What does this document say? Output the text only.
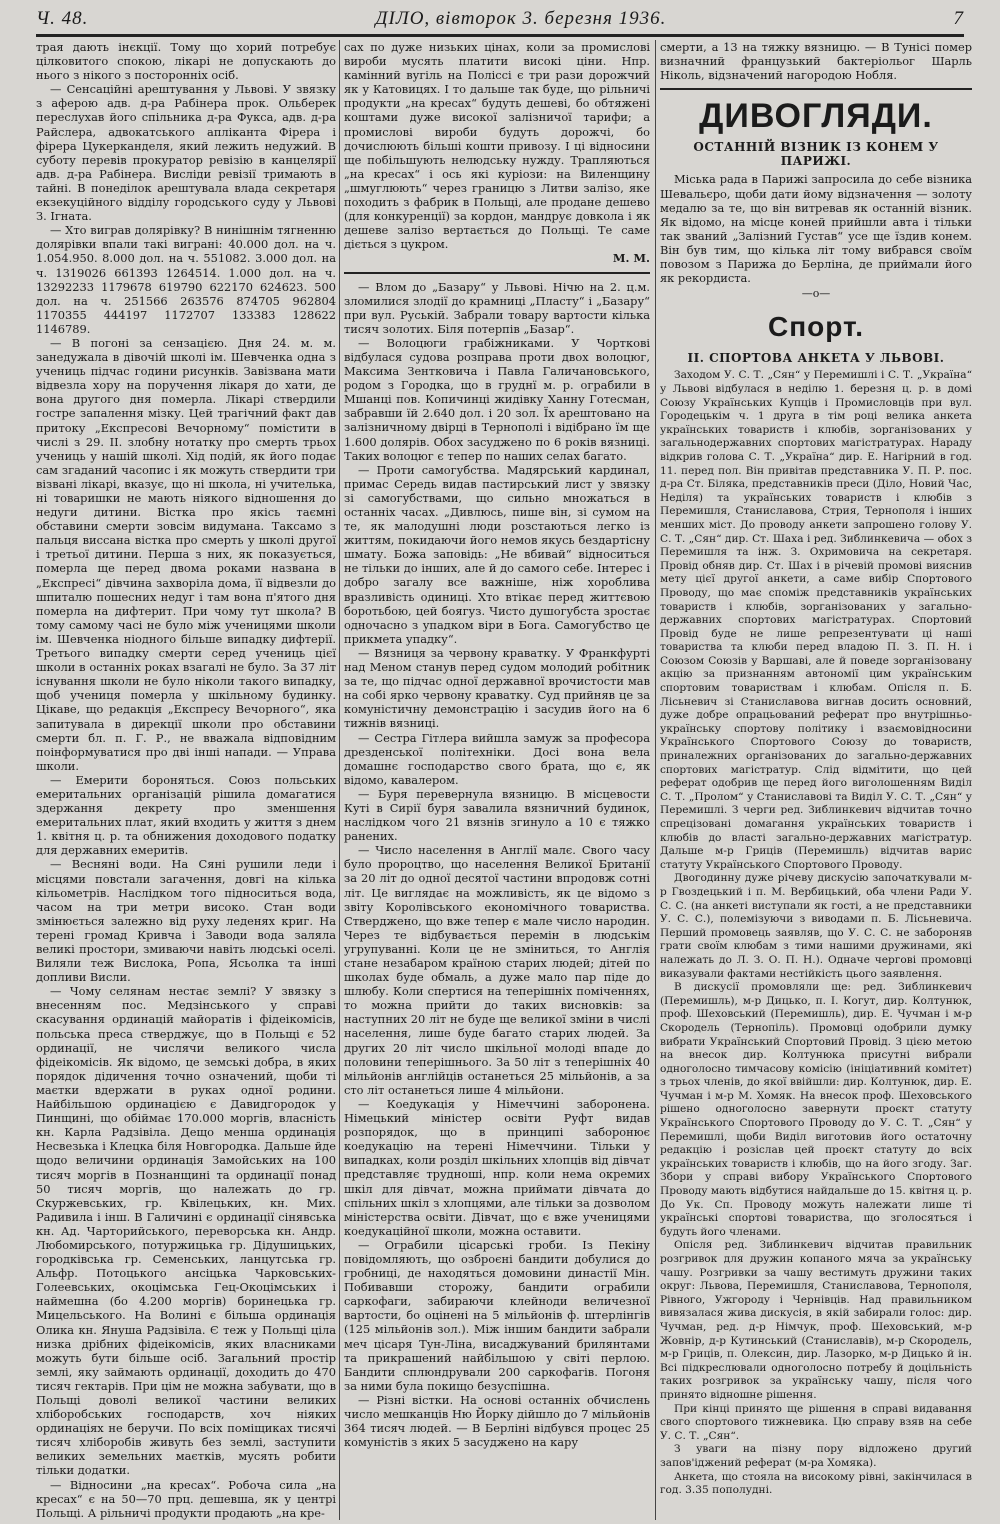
Ч. 48.	ДІЛО, вівторок 3. березня 1936.	7

трая дають інєкції. Тому що хорий потребує цілковитого спокою, лікарі не допускають до нього з нікого з посторонніх осіб.

— Сенсаційні арештування у Львові. У звязку з аферою адв. д-ра Рабінера прок. Ольберек переслухав його спільника д-ра Фукса, адв. д-ра Райслера, адвокатського апліканта Фірера і фірера Цукерканделя, який лежить недужий. В суботу перевів прокуратор ревізію в канцелярії адв. д-ра Рабінера. Висліди ревізії тримають в тайні. В понеділок арештувала влада секретаря екзекуційного відділу городського суду у Львові З. Ігната.

— Хто виграв долярівку? В нинішнім тягненню долярівки впали такі виграні: 40.000 дол. на ч. 1.054.950. 8.000 дол. на ч. 551082. 3.000 дол. на ч. 1319026 661393 1264514. 1.000 дол. на ч. 13292233 1179678 619790 622170 624623. 500 дол. на ч. 251566 263576 874705 962804 1170355 444197 1172707 133383 128622 1146789.

— В погоні за сензацією. Дня 24. м. м. занедужала в дівочій школі ім. Шевченка одна з учениць підчас години рисунків. Завізвана мати відвезла хору на поручення лікаря до хати, де вона другого дня померла. Лікарі ствердили гостре запалення мізку. Цей трагічний факт дав притоку „Експресові Вечорному“ помістити в числі з 29. ІІ. злобну нотатку про смерть трьох учениць у нашій школі. Хід подій, як його подає сам згаданий часопис і як можуть ствердити три візвані лікарі, вказує, що ні школа, ні учителька, ні товаришки не мають ніякого відношення до недуги дитини. Вістка про якісь таємні обставини смерти зовсім видумана. Таксамо з пальця виссана вістка про смерть у школі другої і третьої дитини. Перша з них, як показується, померла ще перед двома роками названа в „Експресі“ дівчина захворіла дома, її відвезли до шпиталю пошесних недуг і там вона п'ятого дня померла на дифтерит. При чому тут школа? В тому самому часі не було між ученицями школи ім. Шевченка ніодного більше випадку дифтерії. Третього випадку смерти серед учениць цієї школи в останніх роках взагалі не було. За 37 літ існування школи не було ніколи такого випадку, щоб учениця померла у шкільному будинку. Цікаве, що редакція „Експресу Вечорного“, яка запитувала в дирекції школи про обставини смерти бл. п. Г. Р., не вважала відповідним поінформуватися про дві інші напади. — Управа школи.

— Емерити бороняться. Союз польських емеритальних організацій рішила домагатися здержання декрету про зменшення емеритальних плат, який входить у життя з днем 1. квітня ц. р. та обнижения доходового податку для державних емеритів.

— Весняні води. На Сяні рушили леди і місцями повстали загачення, довгі на кілька кільометрів. Наслідком того підноситься вода, часом на три метри високо. Стан води змінюється залежно від руху леденях криг. На терені громад Кривча і Заводи вода заляла великі простори, змиваючи навіть людські оселі. Виляли теж Вислока, Ропа, Ясьолка та інші допливи Висли.

— Чому селянам нестає землі? У звязку з внесенням пос. Медзінського у справі скасування ординацій майоратів і фідеікомісів, польська преса стверджує, що в Польщі є 52 ординації, не числячи великого числа фідеікомісів. Як відомо, це земські добра, в яких порядок дідичення точно означений, щоби ті маєтки вдержати в руках одної родини. Найбільшою ординацією є Давидгородок у Пинщині, що обіймає 170.000 моргів, власність кн. Карла Радзівіла. Дещо менша ординація Несвезька і Клецка біля Новгородка. Дальше йде щодо величини ординація Замойських на 100 тисяч моргів в Познанщині та ординації понад 50 тисяч моргів, що належать до гр. Скуржевських, гр. Квілецьких, кн. Мих. Радивила і інш. В Галичині є ординації сінявська кн. Ад. Чарторийського, переворська кн. Андр. Любомирського, потуржицька гр. Дідушицьких, городківська гр. Семенських, ланцутська гр. Альфр. Потоцького ансіцька Чарковських-Голеевських, окоцімська Гец-Окоцімських і наймешна (бо 4.200 моргів) боринецька гр. Мицельського. На Волині є більша ординація Олика кн. Януша Радзівіла. Є теж у Польщі ціла низка дрібних фідеікомісів, яких власниками можуть бути більше осіб. Загальний простір землі, яку займають ординації, доходить до 470 тисяч гектарів. При цім не можна забувати, що в Польщі доволі великої частини великих хліборобських господарств, хоч ніяких ординаціях не беручи. По всіх поміщиках тисячі тисяч хліборобів живуть без землі, заступити великих земельних маєтків, мусять робити тільки додатки.

— Відносини „на кресах“. Робоча сила „на кресах“ є на 50—70 прц. дешевша, як у центрі Польщі. А рільничі продукти продають „на кре-

сах по дуже низьких цінах, коли за промислові вироби мусять платити високі ціни. Нпр. камінний вугіль на Поліссі є три рази дорожчий як у Катовицях. І то дальше так буде, що рільничі продукти „на кресах“ будуть дешеві, бо обтяжені коштами дуже високої залізничої тарифи; а промислові вироби будуть дорожчі, бо дочислюють більші кошти привозу. І ці відносини ще побільшують нелюдську нужду. Трапляються „на кресах“ і ось які куріози: на Виленщину „шмуглюють“ через границю з Литви залізо, яке походить з фабрик в Польщі, але продане дешево (для конкуренції) за кордон, мандрує довкола і як дешеве залізо вертається до Польщі. Те саме діється з цукром.

М. М.

— Влом до „Базару“ у Львові. Нічю на 2. ц.м. зломилися злодії до крамниці „Пласту“ і „Базару“ при вул. Руській. Забрали товару вартости кілька тисяч золотих. Біля потерпів „Базар“.

— Волоцюги грабіжниками. У Чорткові відбулася судова розправа проти двох волоцюг, Максима Зентковича і Павла Галичановського, родом з Городка, що в груднї м. р. ограбили в Мшанці пов. Копичинці жидівку Ханну Готесман, забравши їй 2.640 дол. і 20 зол. Їх арештовано на залізничному двірці в Тернополі і відібрано їм ще 1.600 долярів. Обох засуджено по 6 років вязниці. Таких волоцюг є тепер по наших селах багато.

— Проти самогубства. Мадярський кардинал, примас Середь видав пастирський лист у звязку зі самогубствами, що сильно множаться в останніх часах. „Дивлюсь, пише він, зі сумом на те, як малодушні люди розстаються легко із життям, покидаючи його немов якусь бездартісну шмату. Божа заповідь: „Не вбивай“ відноситься не тільки до інших, але й до самого себе. Інтерес і добро загалу все важніше, ніж хоробливa вразливість одиниці. Хто втікає перед життєвою боротьбою, цей боягуз. Чисто душогубста зростає одночасно з упадком віри в Бога. Самогубство це прикмета упадку“.

— Вязниця за червону краватку. У Франкфурті над Меном станув перед судом молодий робітник за те, що підчас одної державної врочистости мав на собі ярко червону краватку. Суд прийняв це за комуністичну демонстрацію і засудив його на 6 тижнів вязниці.

— Сестра Гітлера вийшла замуж за професора дрезденської політехніки. Досі вона вела домашнє господарство свого брата, що є, як відомо, кавалером.

— Буря перевернула вязницю. В місцевости Куті в Сирії буря завалила вязничний будинок, наслідком чого 21 вязнів згинуло а 10 є тяжко ранених.

— Число населення в Англії малє. Свого часу було пророцтво, що населення Великої Британії за 20 літ до одної десятої частини впродовж сотні літ. Це виглядає на можливість, як це відомо з звіту Королівського економічного товариства. Ствердженo, що вже тепер є мале число народин. Через те відбувається перемін в людськім угрупуванні. Коли це не зміниться, то Англія стане незабаром країною старих людей; дітей по школах буде обмаль, а дуже мало пар піде до шлюбу. Коли спертися на теперішніх поміченнях, то можна прийти до таких висновків: за наступних 20 літ не буде ще великої зміни в числі населення, лише буде багато старих людей. За других 20 літ число шкільної молоді впаде до половини теперішнього. За 50 літ з теперішніх 40 мільйонів англійців останеться 25 мільйонів, а за сто літ останеться лише 4 мільйони.

— Коедукація у Німеччині заборонена. Німецький міністер освіти Руфт видав розпорядок, що в принципі заборонює коедукацію на терені Німеччини. Тільки у випадках, коли розділ шкільних хлопців від дівчат представляє трудноші, нпр. коли нема окремих шкіл для дівчат, можна приймати дівчата до спільних шкіл з хлопцями, але тільки за дозволом міністерства освіти. Дівчат, що є вже ученицями коедукаційної школи, можна оставити.

— Ограбили цісарські гроби. Із Пекіну повідомляють, що озброєні бандити добулися до гробниці, де находяться домовини династії Мін. Побивавши сторожу, бандити ограбили саркофаги, забираючи клейноди величезної вартости, бо оцінені на 5 мільйонів ф. штерлінгів (125 мільйонів зол.). Між іншим бандити забрали меч цісаря Тун-Ліна, висаджуваний брилянтами та прикрашений найбільшою у світі перлою. Бандити сплюндрували 200 саркофагів. Погоня за ними була покищо безуспішна.

— Різні вістки. На основі останніх обчислень число мешканців Ню Йорку дійшло до 7 мільйонів 364 тисяч людей. — В Берліні відбувся процес 25 комуністів з яких 5 засуджено на кару

смерти, а 13 на тяжку вязницю. — В Тунісі помер визначний французький бактеріольог Шарль Ніколь, відзначений нагородою Нобля.

ДИВОГЛЯДИ.
ОСТАННІЙ ВІЗНИК ІЗ КОНЕМ У ПАРИЖІ.

Міська рада в Парижі запросила до себе візника Шевальєро, щоби дати йому відзначення — золоту медалю за те, що він витревав як останній візник. Як відомо, на місце коней прийшли авта і тільки так званий „Залізний Густав“ усе ще їздив конем. Він був тим, що кілька літ тому вибрався своїм повозом з Парижа до Берліна, де приймали його як рекордиста.

—о—
Спорт.
II. СПОРТОВА АНКЕТА У ЛЬВОВІ.

Заходом У. С. Т. „Сян“ у Перемишлі і С. Т. „Україна“ у Львові відбулася в неділю 1. березня ц. р. в домі Союзу Українських Купців і Промисловців при вул. Городецькім ч. 1 друга в тім році велика анкета українських товариств і клюбів, зорганізованих у загальнодержавних спортових магістратурах. Нараду відкрив голова С. Т. „Україна“ дир. Е. Нагірний в год. 11. перед пол. Він привітав представника У. П. Р. пос. д-ра Ст. Біляка, представників преси (Діло, Новий Час, Неділя) та українських товариств і клюбів з Перемишля, Станиславова, Стрия, Тернополя і інших менших міст. До проводу анкети запрошено голову У. С. Т. „Сян“ дир. Ст. Шаха і ред. Зиблинкевича — обох з Перемишля та інж. З. Охримовича на секретаря. Провід обняв дир. Ст. Шах і в річевій промові вияснив мету цієї другої анкети, а саме вибір Спортового Проводу, що має споміж представників українських товариств і клюбів, зорганізованих у загально-державних спортових магістратурах. Спортовий Провід буде не лише репрезентувати ці наші товариства та клюби перед владою П. З. П. Н. і Союзом Союзів у Варшаві, але й поведе зорганізовану акцію за признанням автономії цим українським спортовим товариствам і клюбам. Опісля п. Б. Лісьневич зі Станиславова вигнав досить основний, дуже добре опрацьований реферат про внутрішньо-українську спортову політику і взаємовідносини Українського Спортового Союзу до товариств, приналежних організованих до загально-державних спортових магістратур. Слід відмітити, що цей реферат одобрив ще перед його виголошенням Виділ С. Т. „Пролом“ у Станиславові та Виділ У. С. Т. „Сян“ у Перемишлі. З черги ред. Зиблинкевич відчитав точно спрецізовані домагання українських товариств і клюбів до власті загально-державних магістратур. Дальше м-р Гриців (Перемишль) відчитав варис статуту Українського Спортового Проводу.

Двогодинну дуже річеву дискусію започаткували м-р Гвоздецький і п. М. Вербицький, оба члени Ради У. С. С. (на анкеті виступали як гості, а не представники У. С. С.), полемізуючи з виводами п. Б. Лісьневича. Перший промовець заявляв, що У. С. С. не забороняв грати своїм клюбам з тими нашими дружинами, які належать до Л. З. О. П. Н.). Одначе чергові промовці виказували фактами нестійкість цього заявлення.

В дискусії промовляли ще: ред. Зиблинкевич (Перемишль), м-р Дицько, п. І. Когут, дир. Колтунюк, проф. Шеховський (Перемишль), дир. Е. Чучман і м-р Скородель (Тернопіль). Промовці одобрили думку вибрати Український Спортовий Провід. З цією метою на внесок дир. Колтунюка присутні вибрали одноголосно тимчасову комісію (ініціативний комітет) з трьох членів, до якої ввійшли: дир. Колтунюк, дир. Е. Чучман і м-р М. Хомяк. На внесок проф. Шеховського рішено одноголосно завернути проєкт статуту Українського Спортового Проводу до У. С. Т. „Сян“ у Перемишлі, щоби Виділ виготовив його остаточну редакцію і розіслав цей проєкт статуту до всіх українських товариств і клюбів, що на його згоду. Заг. Збори у справі вибору Українського Спортового Проводу мають відбутися найдальше до 15. квітня ц. р. До Ук. Сп. Проводу можуть належати лише ті українські спортові товариства, що зголосяться і будуть його членами.

Опісля ред. Зиблинкевич відчитав правильник розгривок для дружин копаного мяча за українську чашу. Розгривки за чашу вестимуть дружини таких округ: Львова, Перемишля, Станиславова, Тернополя, Рівного, Ужгороду і Чернівців. Над правильником вивязалася жива дискусія, в якій забирали голос: дир. Чучман, ред. д-р Німчук, проф. Шеховський, м-р Жовнір, д-р Кутинський (Станиславів), м-р Скородель, м-р Гриців, п. Олексин, дир. Лазорко, м-р Дицько й ін. Всі підкреслювали одноголосно потребу й доцільність таких розгривок за українську чашу, після чого принято відношне рішення.

При кінці принято ще рішення в справі видавання свого спортового тижневика. Цю справу взяв на себе У. С. Т. „Сян“.

З уваги на пізну пору вiдложено другий запов'іджений реферат (м-ра Хомяка).

Анкета, що стояла на високому рівні, закінчилася в год. 3.35 пополудні.
